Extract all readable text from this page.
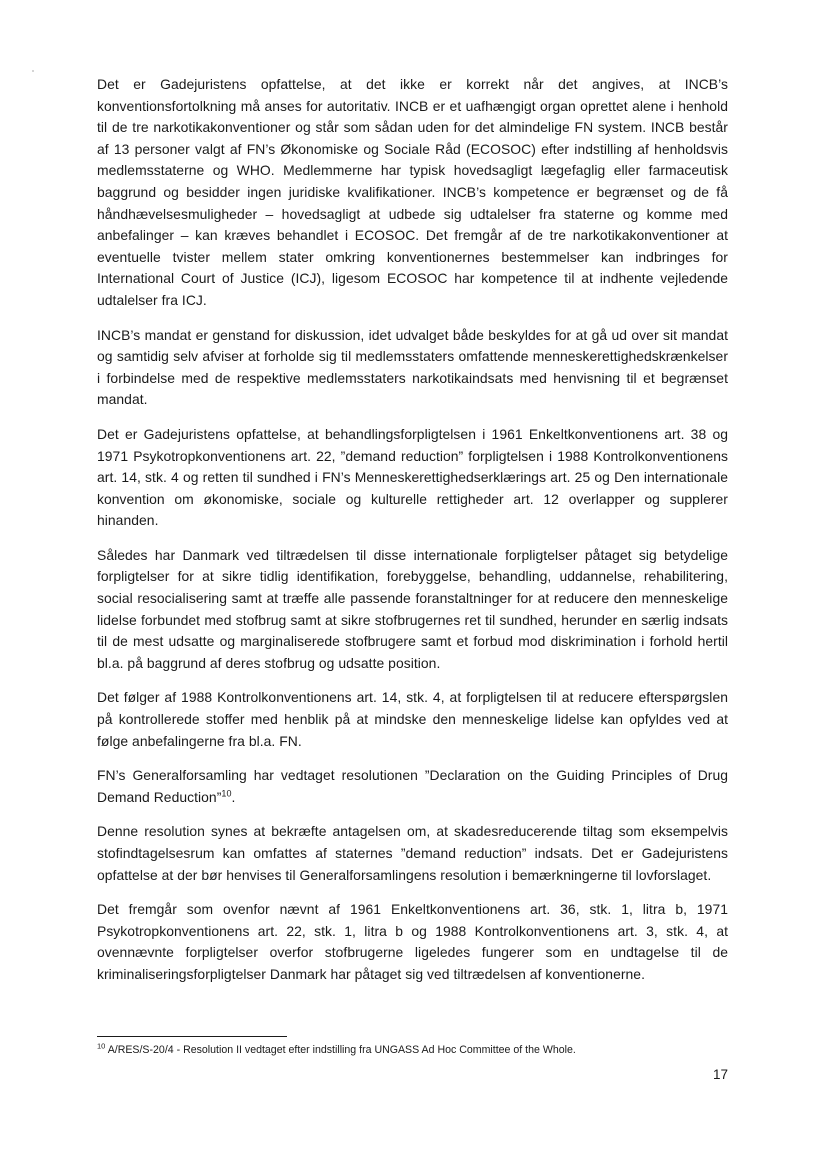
Det er Gadejuristens opfattelse, at det ikke er korrekt når det angives, at INCB’s konventionsfortolkning må anses for autoritativ. INCB er et uafhængigt organ oprettet alene i henhold til de tre narkotikakonventioner og står som sådan uden for det almindelige FN system. INCB består af 13 personer valgt af FN’s Økonomiske og Sociale Råd (ECOSOC) efter indstilling af henholdsvis medlemsstaterne og WHO. Medlemmerne har typisk hovedsagligt lægefaglig eller farmaceutisk baggrund og besidder ingen juridiske kvalifikationer. INCB’s kompetence er begrænset og de få håndhævelsesmuligheder – hovedsagligt at udbede sig udtalelser fra staterne og komme med anbefalinger – kan kræves behandlet i ECOSOC. Det fremgår af de tre narkotikakonventioner at eventuelle tvister mellem stater omkring konventionernes bestemmelser kan indbringes for International Court of Justice (ICJ), ligesom ECOSOC har kompetence til at indhente vejledende udtalelser fra ICJ.

INCB’s mandat er genstand for diskussion, idet udvalget både beskyldes for at gå ud over sit mandat og samtidig selv afviser at forholde sig til medlemsstaters omfattende menneskerettighedskrænkelser i forbindelse med de respektive medlemsstaters narkotikaindsats med henvisning til et begrænset mandat.

Det er Gadejuristens opfattelse, at behandlingsforpligtelsen i 1961 Enkeltkonventionens art. 38 og 1971 Psykotropkonventionens art. 22, ”demand reduction” forpligtelsen i 1988 Kontrolkonventionens art. 14, stk. 4 og retten til sundhed i FN’s Menneskerettighedserklærings art. 25 og Den internationale konvention om økonomiske, sociale og kulturelle rettigheder art. 12 overlapper og supplerer hinanden.

Således har Danmark ved tiltrædelsen til disse internationale forpligtelser påtaget sig betydelige forpligtelser for at sikre tidlig identifikation, forebyggelse, behandling, uddannelse, rehabilitering, social resocialisering samt at træffe alle passende foranstaltninger for at reducere den menneskelige lidelse forbundet med stofbrug samt at sikre stofbrugernes ret til sundhed, herunder en særlig indsats til de mest udsatte og marginaliserede stofbrugere samt et forbud mod diskrimination i forhold hertil bl.a. på baggrund af deres stofbrug og udsatte position.

Det følger af 1988 Kontrolkonventionens art. 14, stk. 4, at forpligtelsen til at reducere efterspørgslen på kontrollerede stoffer med henblik på at mindske den menneskelige lidelse kan opfyldes ved at følge anbefalingerne fra bl.a. FN.

FN’s Generalforsamling har vedtaget resolutionen ”Declaration on the Guiding Principles of Drug Demand Reduction”$^{10}$.

Denne resolution synes at bekræfte antagelsen om, at skadesreducerende tiltag som eksempelvis stofindtagelsesrum kan omfattes af staternes ”demand reduction” indsats. Det er Gadejuristens opfattelse at der bør henvises til Generalforsamlingens resolution i bemærkningerne til lovforslaget.

Det fremgår som ovenfor nævnt af 1961 Enkeltkonventionens art. 36, stk. 1, litra b, 1971 Psykotropkonventionens art. 22, stk. 1, litra b og 1988 Kontrolkonventionens art. 3, stk. 4, at ovennævnte forpligtelser overfor stofbrugerne ligeledes fungerer som en undtagelse til de kriminaliseringsforpligtelser Danmark har påtaget sig ved tiltrædelsen af konventionerne.

$^{10}$ A/RES/S-20/4 - Resolution II vedtaget efter indstilling fra UNGASS Ad Hoc Committee of the Whole.
17
